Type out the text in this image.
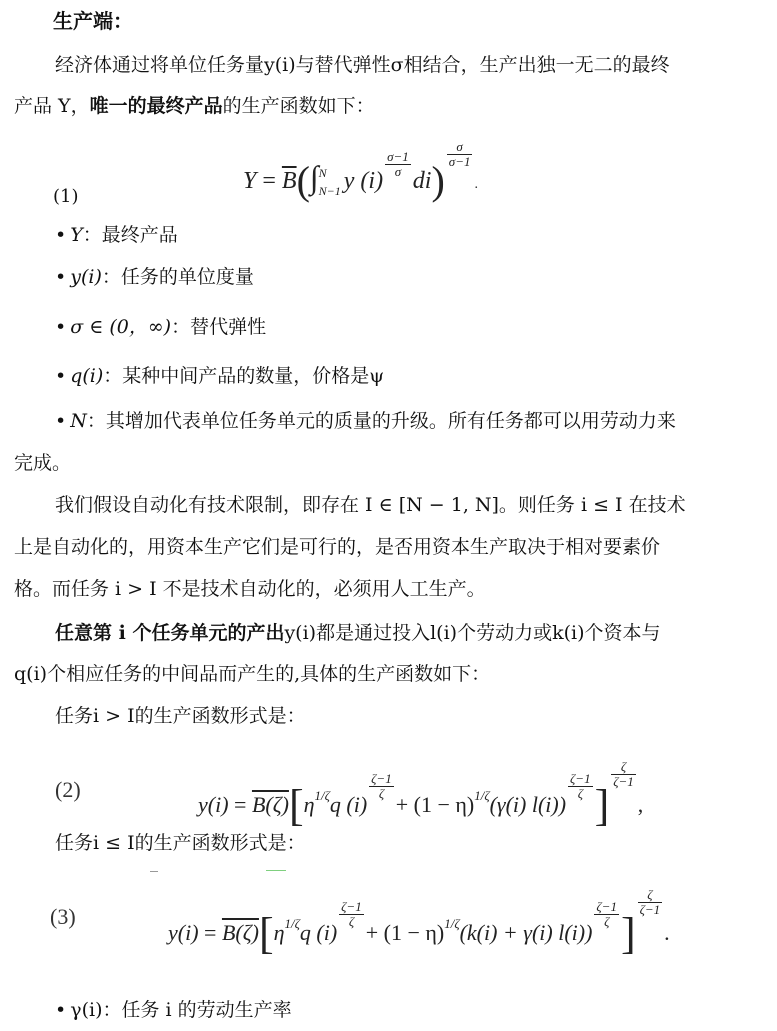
生产端：
经济体通过将单位任务量y(i)与替代弹性σ相结合，生产出独一无二的最终
产品 Y，唯一的最终产品的生产函数如下：
$Y = \overline{B}(\int$ N
N−1 y (i)
$\frac{\sigma-1}{\sigma}$
di)
$\frac{\sigma}{\sigma-1}$
.
(1)
• Y：最终产品
• y(i)：任务的单位度量
• σ ∈ (0，∞)：替代弹性
• q(i)：某种中间产品的数量，价格是ψ
• N：其增加代表单位任务单元的质量的升级。所有任务都可以用劳动力来
完成。
我们假设自动化有技术限制，即存在 I ∈ [N − 1, N]。则任务 i ≤ I 在技术
上是自动化的，用资本生产它们是可行的，是否用资本生产取决于相对要素价
格。而任务 i > I 不是技术自动化的，必须用人工生产。
任意第 i 个任务单元的产出y(i)都是通过投入l(i)个劳动力或k(i)个资本与
q(i)个相应任务的中间品而产生的,具体的生产函数如下：
任务i > I的生产函数形式是：
(2)
$y(i) = B(\zeta)[\eta^{1/\zeta}q$ (i)
$\frac{\zeta-1}{\zeta}$
+ $(1 - \eta)^{1/\zeta}(\gamma(i)$ l(i))
$\frac{\zeta-1}{\zeta}$ ]
$\frac{\zeta}{\zeta-1}$
,
任务i ≤ I的生产函数形式是：
(3)
$y(i) = B(\zeta)[\eta^{1/\zeta}q$ (i)
$\frac{\zeta-1}{\zeta}$
+ $(1 - \eta)^{1/\zeta}(k(i) + \gamma(i)$ l(i))
$\frac{\zeta-1}{\zeta}$ ]
$\frac{\zeta}{\zeta-1}$
.
• γ(i)：任务 i 的劳动生产率
